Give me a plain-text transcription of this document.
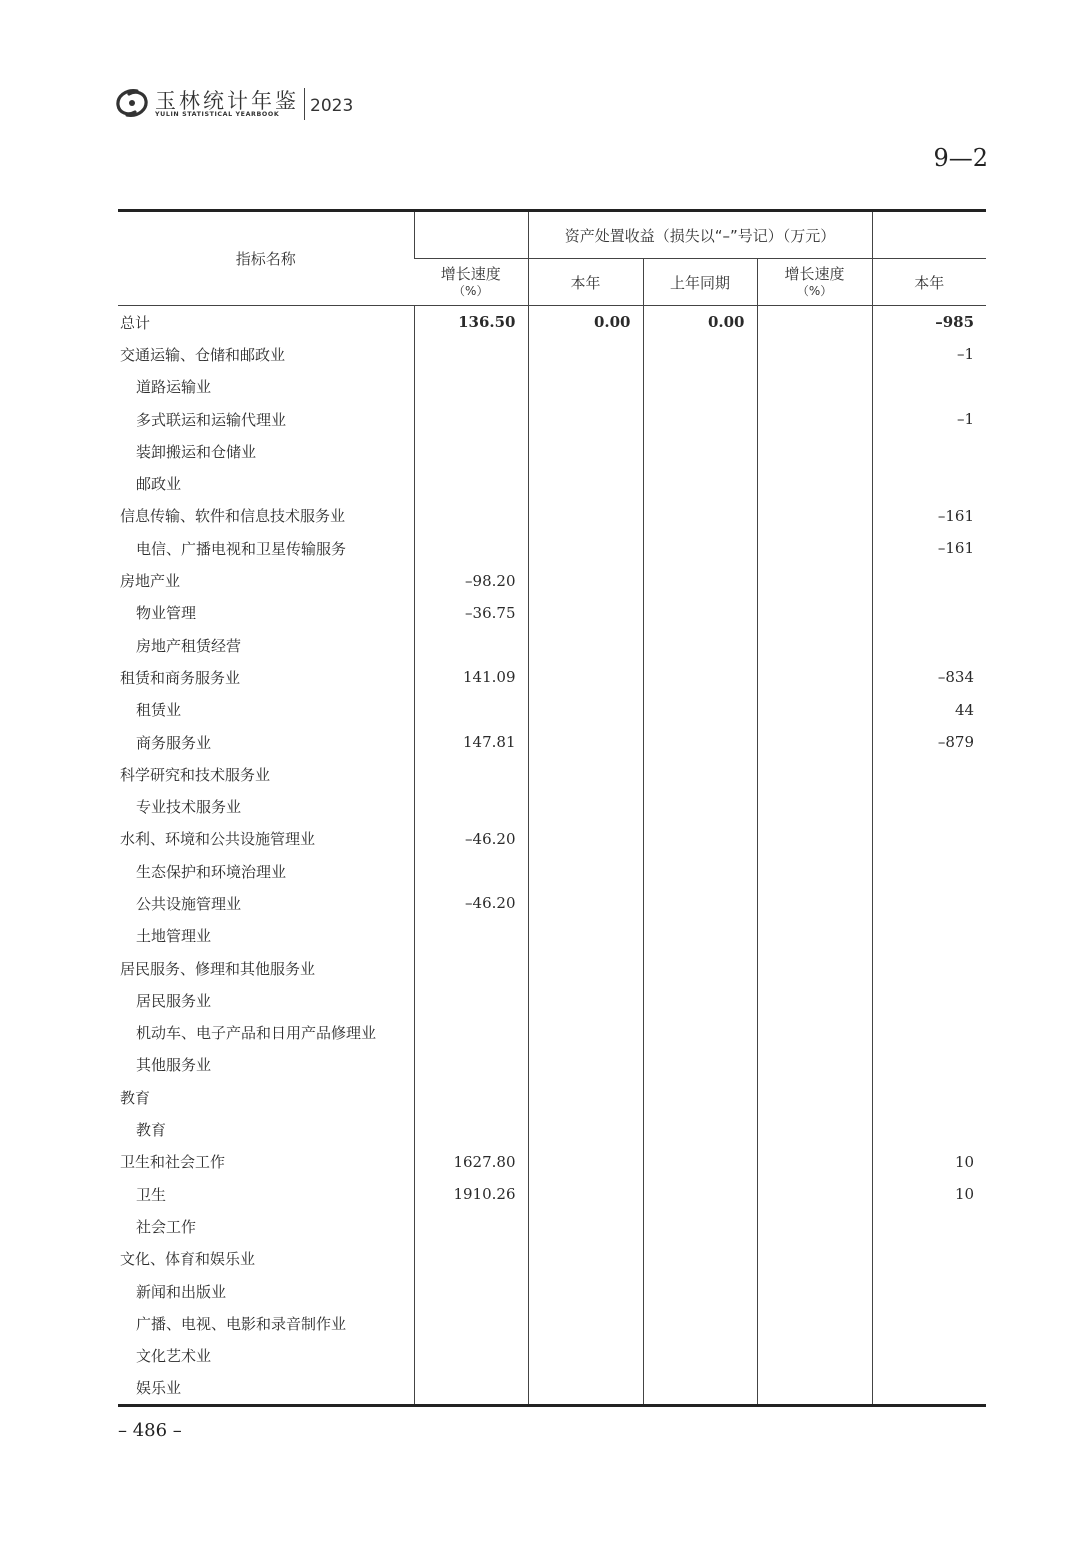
玉林统计年鉴
YULIN STATISTICAL YEARBOOK 2023
9—2
指标名称		资产处置收益（损失以“–”号记）（万元）			

	增长速度
（%）	本年	上年同期	增长速度
（%）	本年
总计	136.50	0.00	0.00		–985
交通运输、仓储和邮政业					–1
道路运输业					
多式联运和运输代理业					–1
装卸搬运和仓储业					
邮政业					
信息传输、软件和信息技术服务业					–161
电信、广播电视和卫星传输服务					–161
房地产业	–98.20				
物业管理	–36.75				
房地产租赁经营					
租赁和商务服务业	141.09				–834
租赁业					44
商务服务业	147.81				–879
科学研究和技术服务业					
专业技术服务业					
水利、环境和公共设施管理业	–46.20				
生态保护和环境治理业					
公共设施管理业	–46.20				
土地管理业					
居民服务、修理和其他服务业					
居民服务业					
机动车、电子产品和日用产品修理业					
其他服务业					
教育					
教育					
卫生和社会工作	1627.80				10
卫生	1910.26				10
社会工作					
文化、体育和娱乐业					
新闻和出版业					
广播、电视、电影和录音制作业					
文化艺术业					
娱乐业					
– 486 –
